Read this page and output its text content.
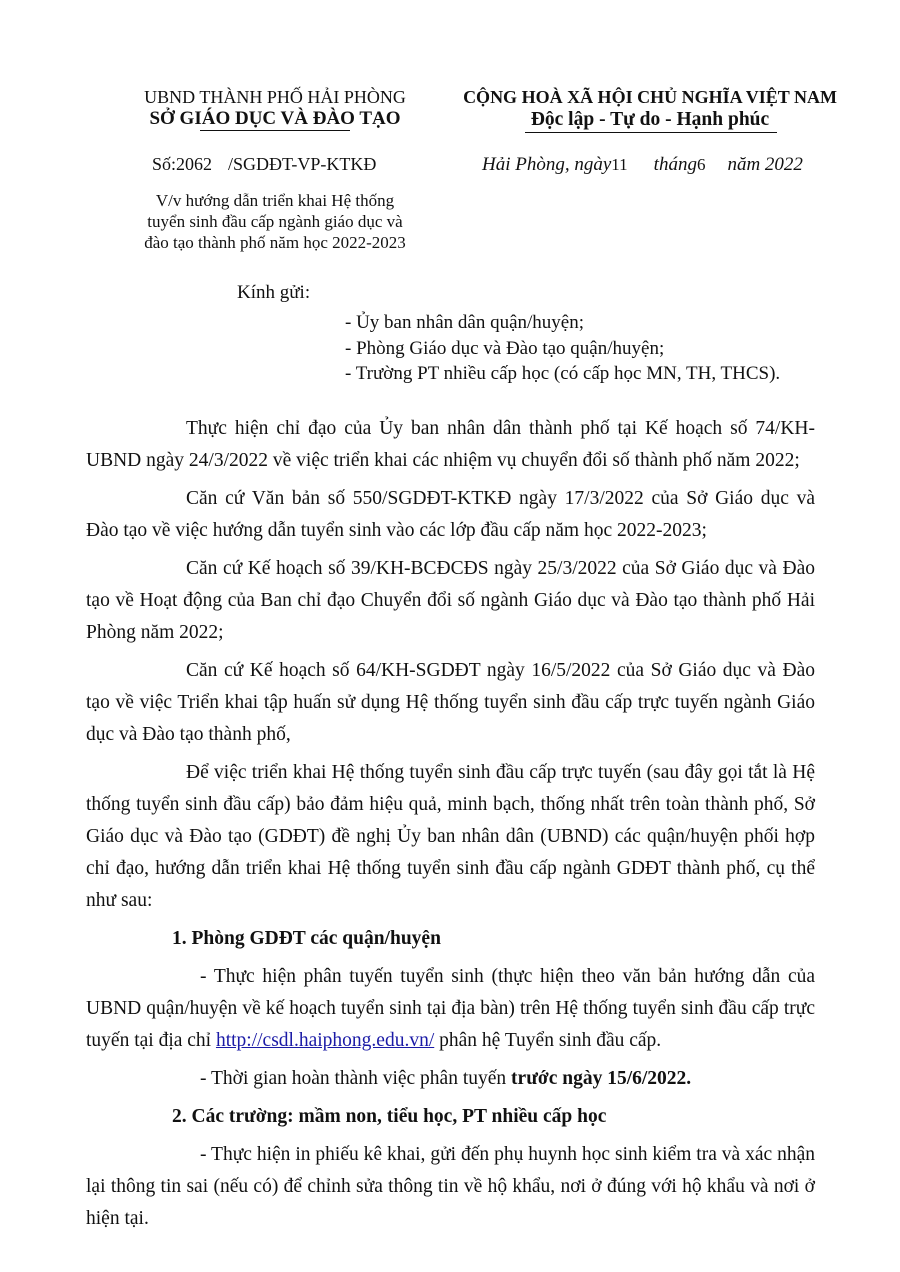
UBND THÀNH PHỐ HẢI PHÒNG
SỞ GIÁO DỤC VÀ ĐÀO TẠO
CỘNG HOÀ XÃ HỘI CHỦ NGHĨA VIỆT NAM
Độc lập - Tự do - Hạnh phúc
Số:2062 /SGDĐT-VP-KTKĐ	Hải Phòng, ngày11 tháng6 năm 2022
V/v hướng dẫn triển khai Hệ thống
tuyển sinh đầu cấp ngành giáo dục và
đào tạo thành phố năm học 2022-2023
Kính gửi:
- Ủy ban nhân dân quận/huyện;
- Phòng Giáo dục và Đào tạo quận/huyện;
- Trường PT nhiều cấp học (có cấp học MN, TH, THCS).

Thực hiện chỉ đạo của Ủy ban nhân dân thành phố tại Kế hoạch số 74/KH-UBND ngày 24/3/2022 về việc triển khai các nhiệm vụ chuyển đổi số thành phố năm 2022;

Căn cứ Văn bản số 550/SGDĐT-KTKĐ ngày 17/3/2022 của Sở Giáo dục và Đào tạo về việc hướng dẫn tuyển sinh vào các lớp đầu cấp năm học 2022-2023;

Căn cứ Kế hoạch số 39/KH-BCĐCĐS ngày 25/3/2022 của Sở Giáo dục và Đào tạo về Hoạt động của Ban chỉ đạo Chuyển đổi số ngành Giáo dục và Đào tạo thành phố Hải Phòng năm 2022;

Căn cứ Kế hoạch số 64/KH-SGDĐT ngày 16/5/2022 của Sở Giáo dục và Đào tạo về việc Triển khai tập huấn sử dụng Hệ thống tuyển sinh đầu cấp trực tuyến ngành Giáo dục và Đào tạo thành phố,

Để việc triển khai Hệ thống tuyển sinh đầu cấp trực tuyến (sau đây gọi tắt là Hệ thống tuyển sinh đầu cấp) bảo đảm hiệu quả, minh bạch, thống nhất trên toàn thành phố, Sở Giáo dục và Đào tạo (GDĐT) đề nghị Ủy ban nhân dân (UBND) các quận/huyện phối hợp chỉ đạo, hướng dẫn triển khai Hệ thống tuyển sinh đầu cấp ngành GDĐT thành phố, cụ thể như sau:

1. Phòng GDĐT các quận/huyện

- Thực hiện phân tuyến tuyển sinh (thực hiện theo văn bản hướng dẫn của UBND quận/huyện về kế hoạch tuyển sinh tại địa bàn) trên Hệ thống tuyển sinh đầu cấp trực tuyến tại địa chỉ http://csdl.haiphong.edu.vn/ phân hệ Tuyển sinh đầu cấp.

- Thời gian hoàn thành việc phân tuyến trước ngày 15/6/2022.

2. Các trường: mầm non, tiểu học, PT nhiều cấp học

- Thực hiện in phiếu kê khai, gửi đến phụ huynh học sinh kiểm tra và xác nhận lại thông tin sai (nếu có) để chỉnh sửa thông tin về hộ khẩu, nơi ở đúng với hộ khẩu và nơi ở hiện tại.
